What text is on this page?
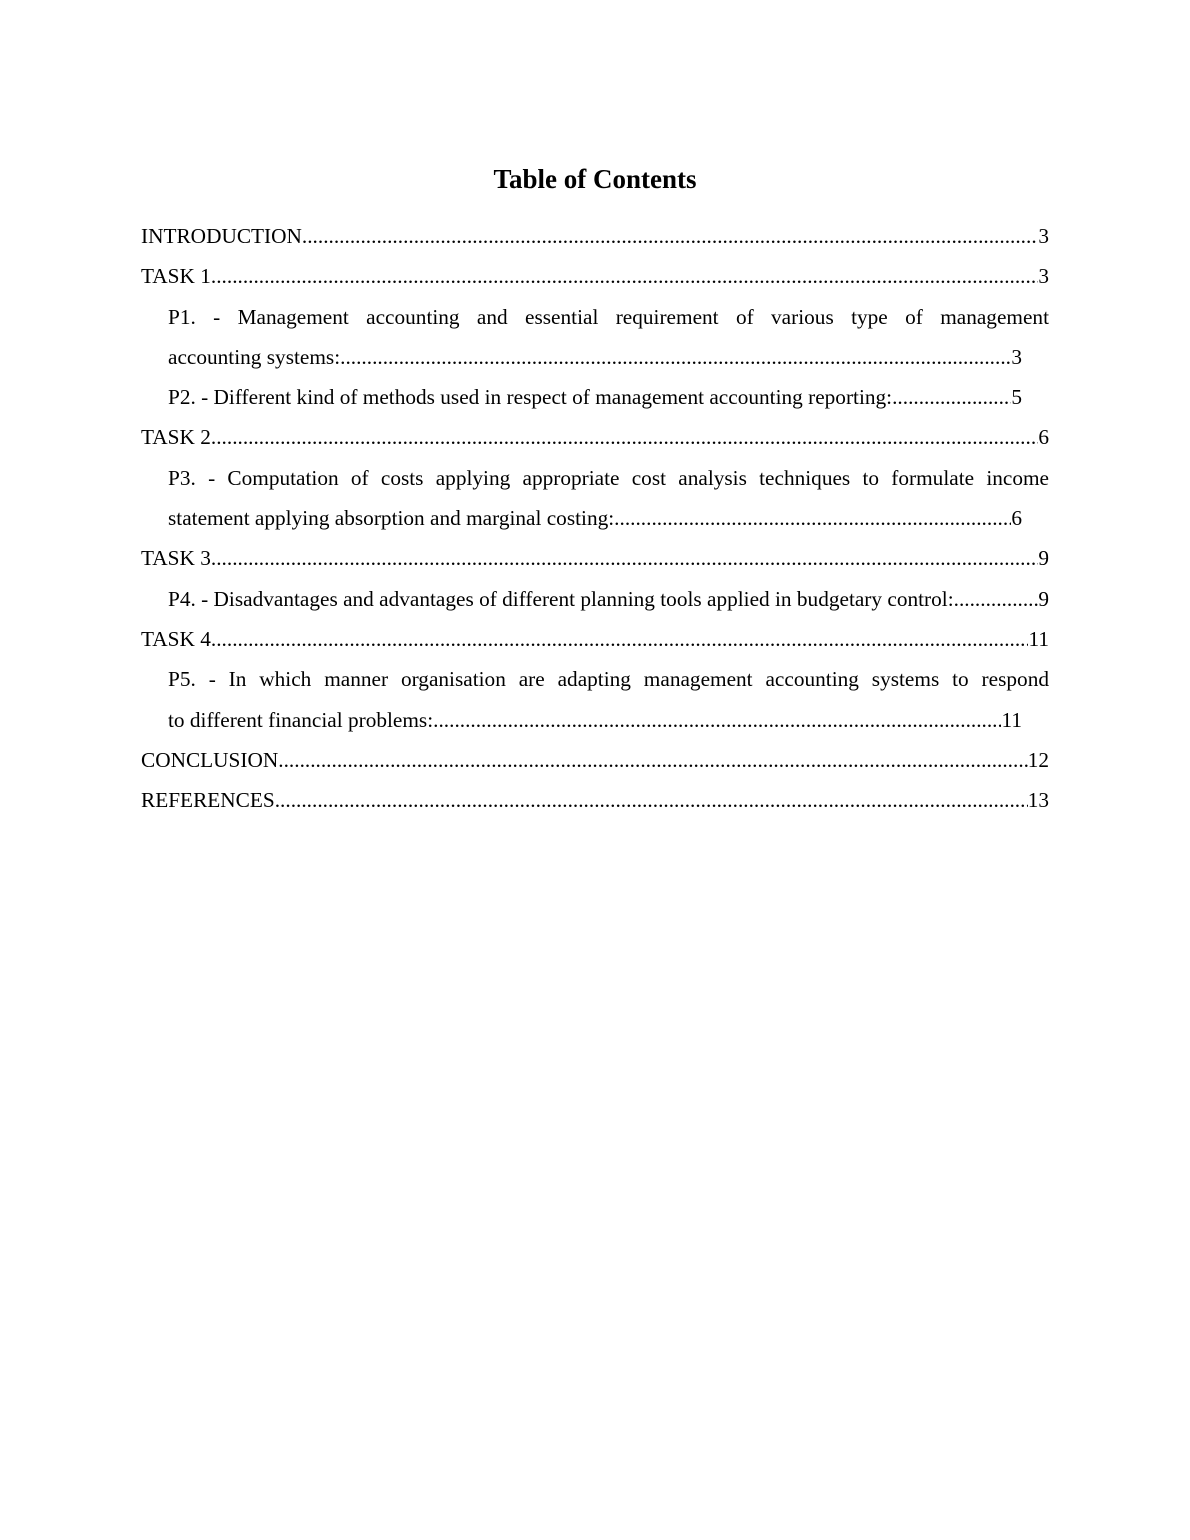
Table of Contents
INTRODUCTION .....	3
TASK 1 .....	3
P1. - Management accounting and essential requirement of various type of management
accounting systems: .....	3
P2. - Different kind of methods used in respect of management accounting reporting: .....	5
TASK 2 .....	6
P3. - Computation of costs applying appropriate cost analysis techniques to formulate income
statement applying absorption and marginal costing: .....	6
TASK 3 .....	9
P4. - Disadvantages and advantages of different planning tools applied in budgetary control: .....	9
TASK 4 .....	11
P5. - In which manner organisation are adapting management accounting systems to respond
to different financial problems: .....	11
CONCLUSION .....	12
REFERENCES .....	13
